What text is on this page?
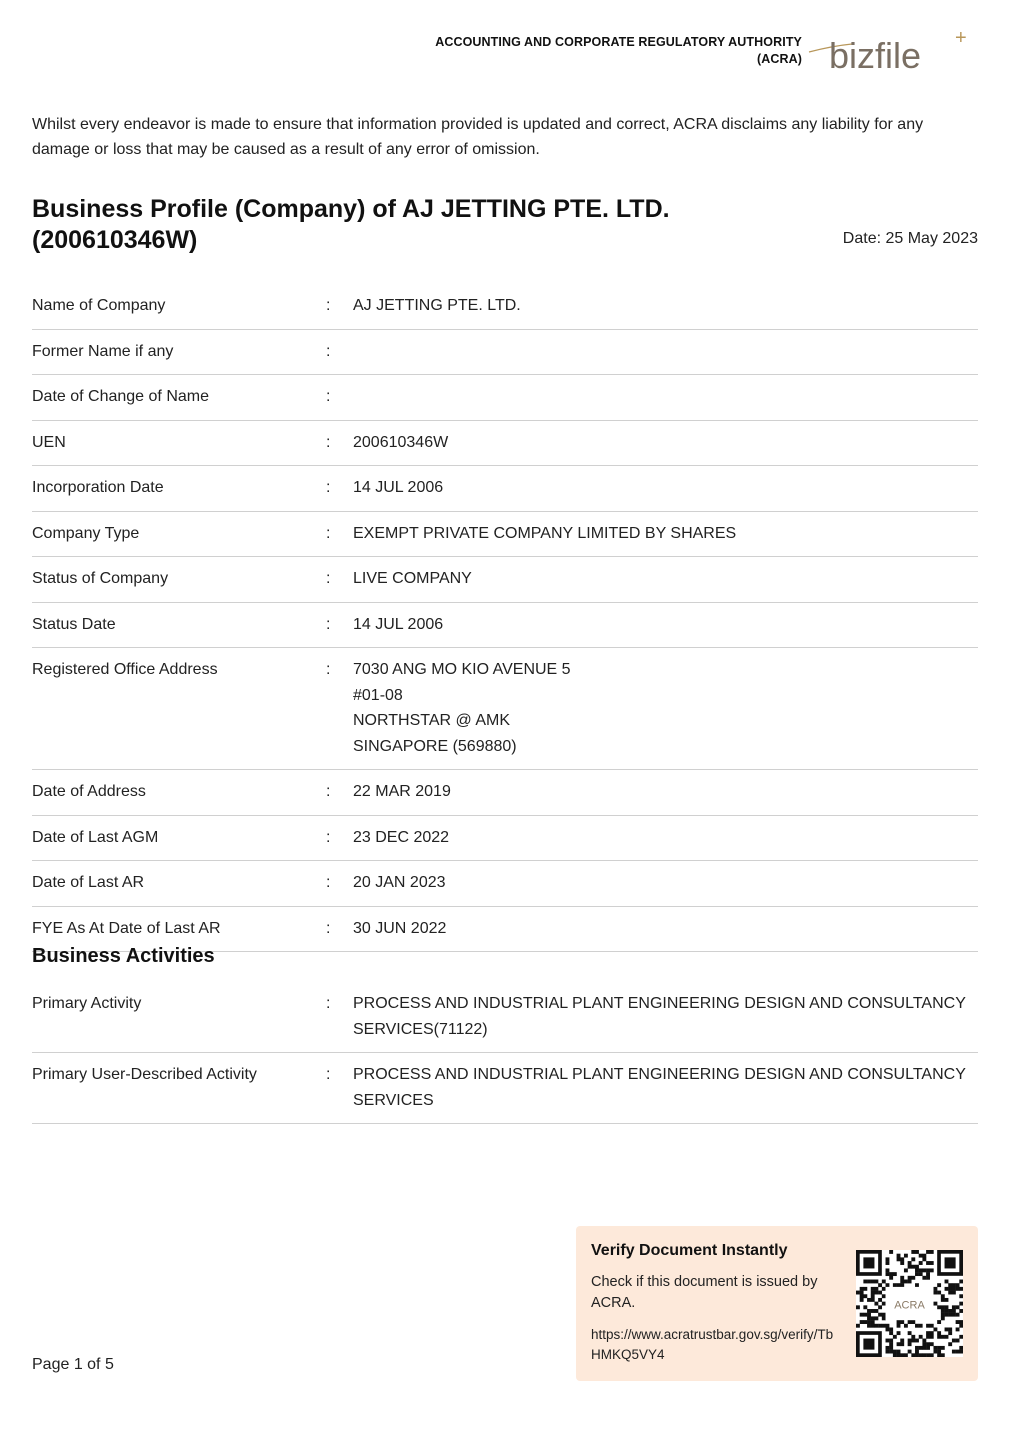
ACCOUNTING AND CORPORATE REGULATORY AUTHORITY
(ACRA) bizfile +
Whilst every endeavor is made to ensure that information provided is updated and correct, ACRA disclaims any liability for any damage or loss that may be caused as a result of any error of omission.
Business Profile (Company) of AJ JETTING PTE. LTD.
(200610346W)	Date: 25 May 2023
Name of Company	:	AJ JETTING PTE. LTD.
Former Name if any	:
Date of Change of Name	:
UEN	:	200610346W
Incorporation Date	:	14 JUL 2006
Company Type	:	EXEMPT PRIVATE COMPANY LIMITED BY SHARES
Status of Company	:	LIVE COMPANY
Status Date	:	14 JUL 2006
Registered Office Address	:	7030 ANG MO KIO AVENUE 5
#01-08
NORTHSTAR @ AMK
SINGAPORE (569880)
Date of Address	:	22 MAR 2019
Date of Last AGM	:	23 DEC 2022
Date of Last AR	:	20 JAN 2023
FYE As At Date of Last AR	:	30 JUN 2022
Business Activities
Primary Activity	:	PROCESS AND INDUSTRIAL PLANT ENGINEERING DESIGN AND CONSULTANCY SERVICES(71122)
Primary User-Described Activity	:	PROCESS AND INDUSTRIAL PLANT ENGINEERING DESIGN AND CONSULTANCY SERVICES
Page 1 of 5
Verify Document Instantly
Check if this document is issued by ACRA.
https://www.acratrustbar.gov.sg/verify/TbHMKQ5VY4
ACRA
